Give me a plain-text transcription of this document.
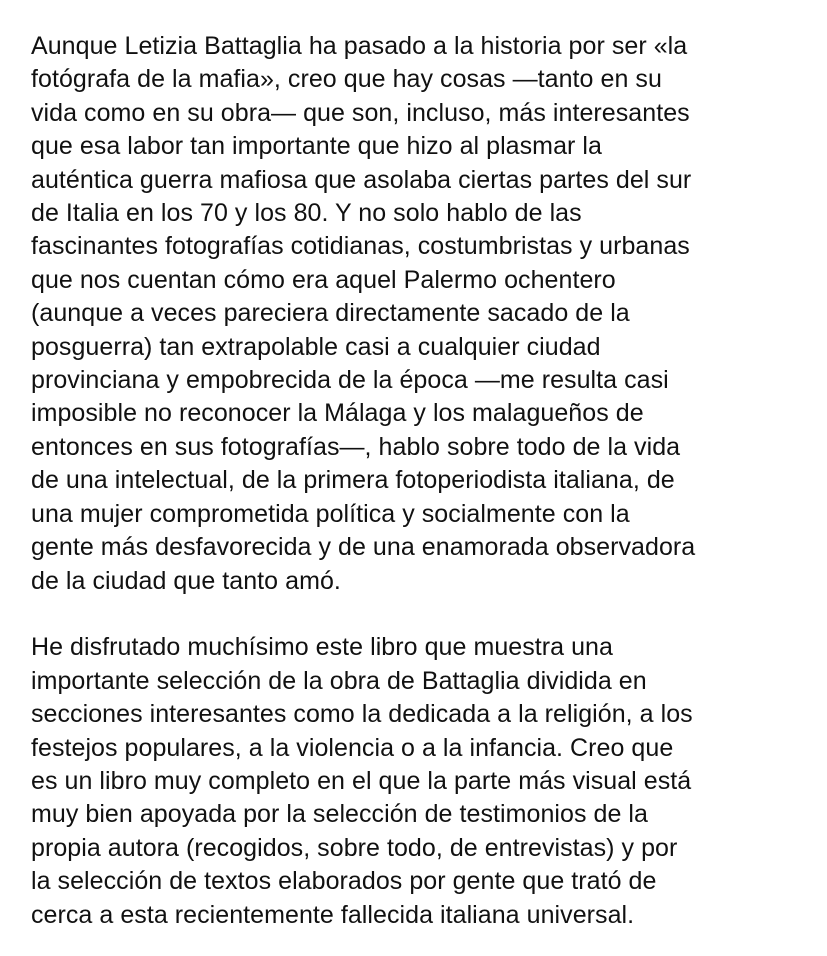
Aunque Letizia Battaglia ha pasado a la historia por ser «la
fotógrafa de la mafia», creo que hay cosas —tanto en su
vida como en su obra— que son, incluso, más interesantes
que esa labor tan importante que hizo al plasmar la
auténtica guerra mafiosa que asolaba ciertas partes del sur
de Italia en los 70 y los 80. Y no solo hablo de las
fascinantes fotografías cotidianas, costumbristas y urbanas
que nos cuentan cómo era aquel Palermo ochentero
(aunque a veces pareciera directamente sacado de la
posguerra) tan extrapolable casi a cualquier ciudad
provinciana y empobrecida de la época —me resulta casi
imposible no reconocer la Málaga y los malagueños de
entonces en sus fotografías—, hablo sobre todo de la vida
de una intelectual, de la primera fotoperiodista italiana, de
una mujer comprometida política y socialmente con la
gente más desfavorecida y de una enamorada observadora
de la ciudad que tanto amó.

He disfrutado muchísimo este libro que muestra una
importante selección de la obra de Battaglia dividida en
secciones interesantes como la dedicada a la religión, a los
festejos populares, a la violencia o a la infancia. Creo que
es un libro muy completo en el que la parte más visual está
muy bien apoyada por la selección de testimonios de la
propia autora (recogidos, sobre todo, de entrevistas) y por
la selección de textos elaborados por gente que trató de
cerca a esta recientemente fallecida italiana universal.
